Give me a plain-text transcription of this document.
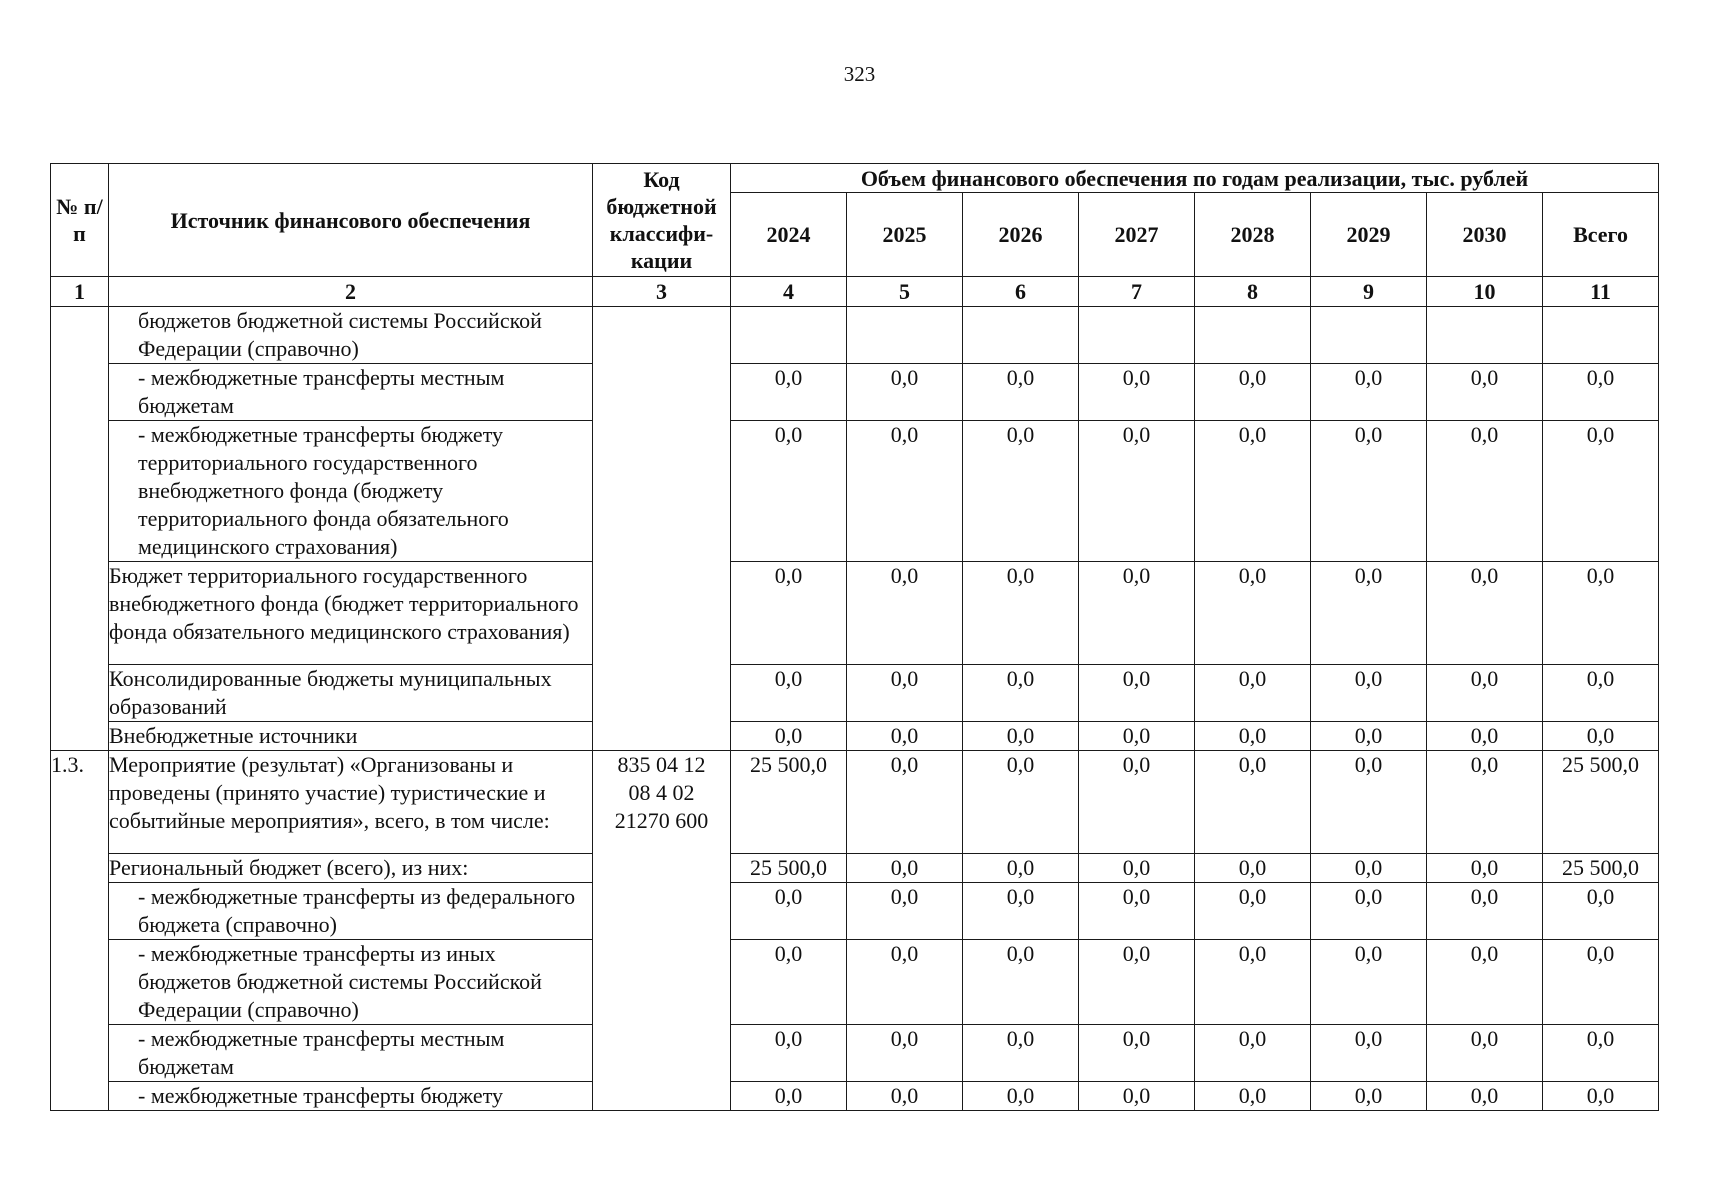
323
№ п/п	Источник финансового обеспечения	Код бюджетной классифи-кации	Объем финансового обеспечения по годам реализации, тыс. рублей							
			2024	2025	2026	2027	2028	2029	2030	Всего
1	2	3	4	5	6	7	8	9	10	11
	бюджетов бюджетной системы Российской Федерации (справочно)									
	- межбюджетные трансферты местным бюджетам		0,0	0,0	0,0	0,0	0,0	0,0	0,0	0,0
	- межбюджетные трансферты бюджету территориального государственного внебюджетного фонда (бюджету территориального фонда обязательного медицинского страхования)		0,0	0,0	0,0	0,0	0,0	0,0	0,0	0,0
	Бюджет территориального государственного внебюджетного фонда (бюджет территориального фонда обязательного медицинского страхования)		0,0	0,0	0,0	0,0	0,0	0,0	0,0	0,0
	Консолидированные бюджеты муниципальных образований		0,0	0,0	0,0	0,0	0,0	0,0	0,0	0,0
	Внебюджетные источники		0,0	0,0	0,0	0,0	0,0	0,0	0,0	0,0
1.3.	Мероприятие (результат) «Организованы и проведены (принято участие) туристические и событийные мероприятия», всего, в том числе:	835 04 12
08 4 02
21270 600	25 500,0	0,0	0,0	0,0	0,0	0,0	0,0	25 500,0
	Региональный бюджет (всего), из них:		25 500,0	0,0	0,0	0,0	0,0	0,0	0,0	25 500,0
	- межбюджетные трансферты из федерального бюджета (справочно)		0,0	0,0	0,0	0,0	0,0	0,0	0,0	0,0
	- межбюджетные трансферты из иных бюджетов бюджетной системы Российской Федерации (справочно)		0,0	0,0	0,0	0,0	0,0	0,0	0,0	0,0
	- межбюджетные трансферты местным бюджетам		0,0	0,0	0,0	0,0	0,0	0,0	0,0	0,0
	- межбюджетные трансферты бюджету		0,0	0,0	0,0	0,0	0,0	0,0	0,0	0,0
